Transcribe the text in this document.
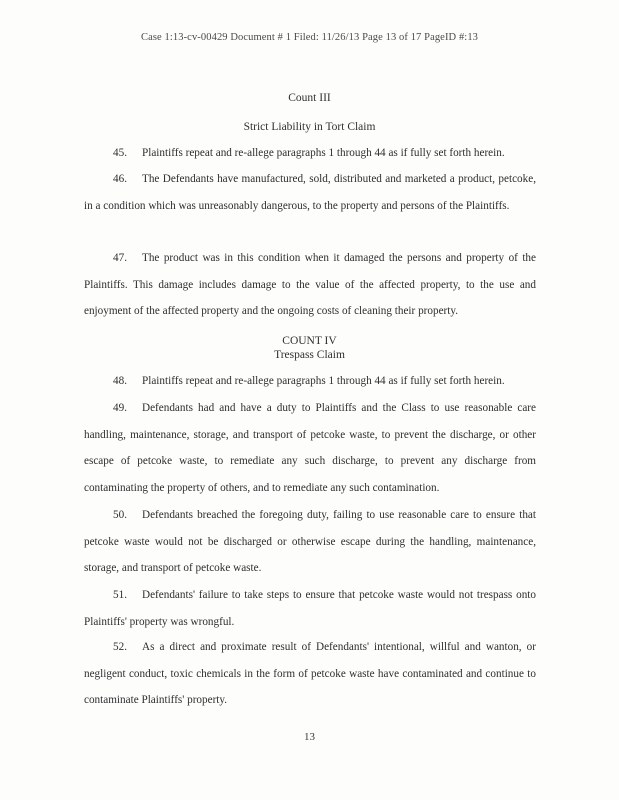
Case 1:13-cv-00429 Document # 1 Filed: 11/26/13 Page 13 of 17 PageID #:13
Count III
Strict Liability in Tort Claim
45. Plaintiffs repeat and re-allege paragraphs 1 through 44 as if fully set forth herein.
46. The Defendants have manufactured, sold, distributed and marketed a product, petcoke, in a condition which was unreasonably dangerous, to the property and persons of the Plaintiffs.
47. The product was in this condition when it damaged the persons and property of the Plaintiffs. This damage includes damage to the value of the affected property, to the use and enjoyment of the affected property and the ongoing costs of cleaning their property.
COUNT IV
Trespass Claim
48. Plaintiffs repeat and re-allege paragraphs 1 through 44 as if fully set forth herein.
49. Defendants had and have a duty to Plaintiffs and the Class to use reasonable care handling, maintenance, storage, and transport of petcoke waste, to prevent the discharge, or other escape of petcoke waste, to remediate any such discharge, to prevent any discharge from contaminating the property of others, and to remediate any such contamination.
50. Defendants breached the foregoing duty, failing to use reasonable care to ensure that petcoke waste would not be discharged or otherwise escape during the handling, maintenance, storage, and transport of petcoke waste.
51. Defendants' failure to take steps to ensure that petcoke waste would not trespass onto Plaintiffs' property was wrongful.
52. As a direct and proximate result of Defendants' intentional, willful and wanton, or negligent conduct, toxic chemicals in the form of petcoke waste have contaminated and continue to contaminate Plaintiffs' property.
13
